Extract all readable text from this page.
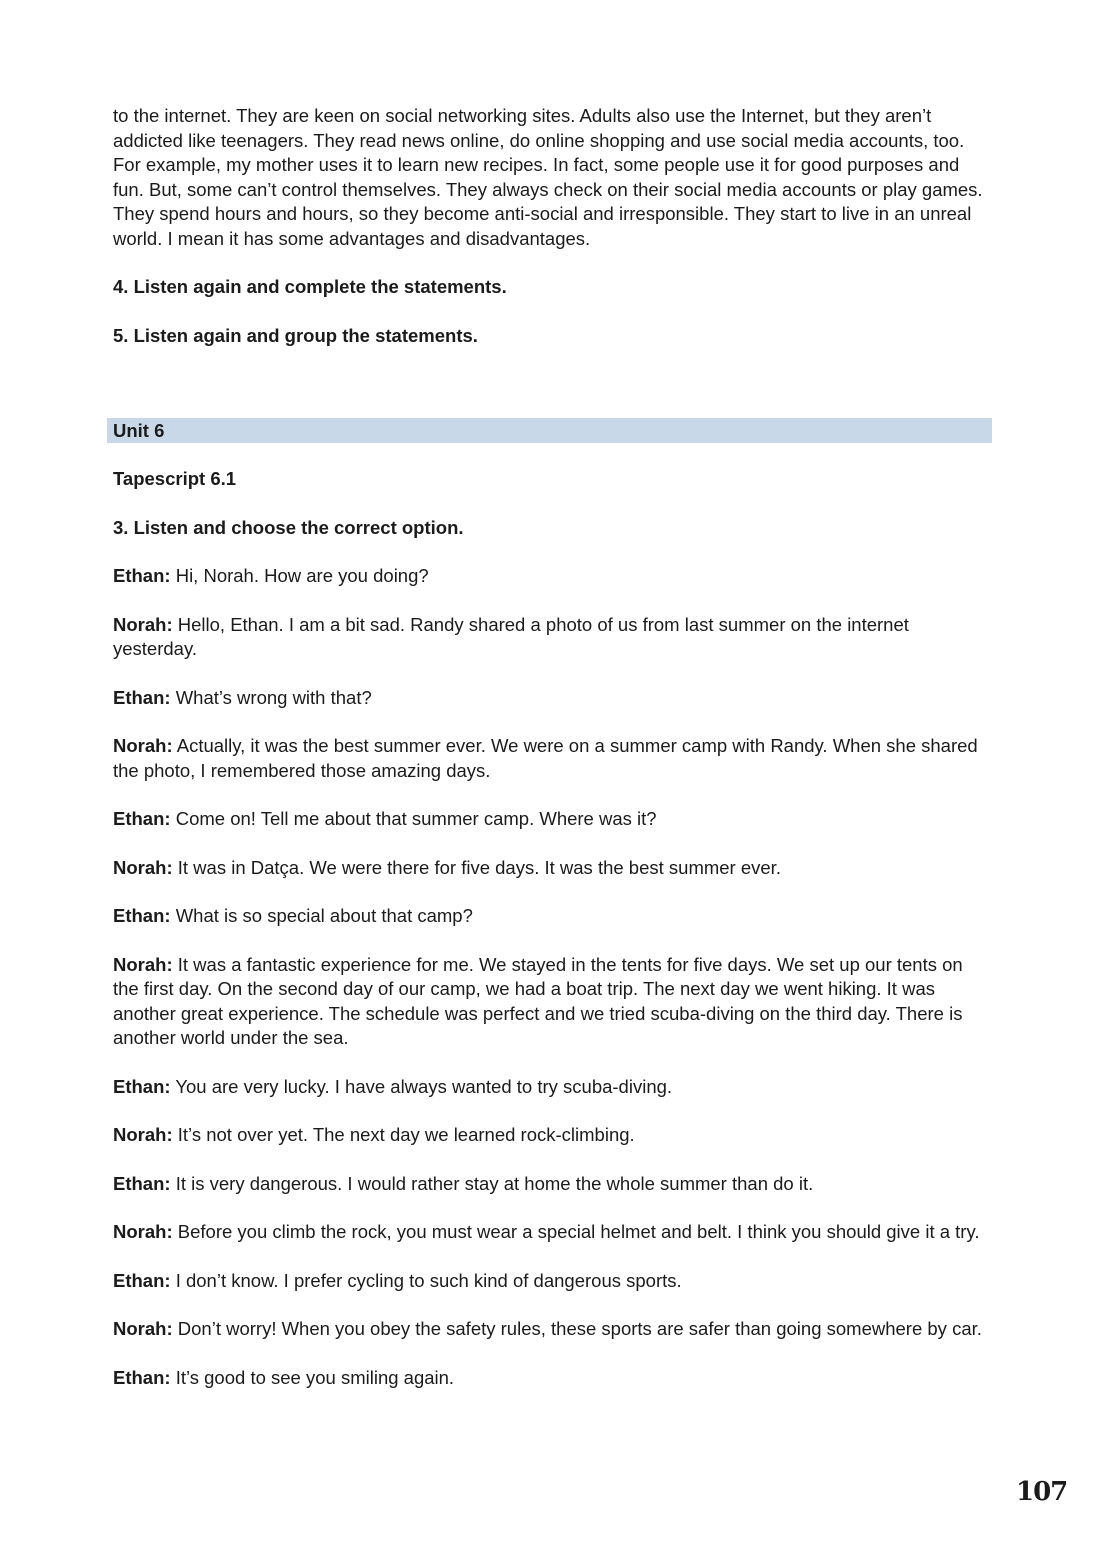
to the internet. They are keen on social networking sites. Adults also use the Internet, but they aren’t addicted like teenagers. They read news online, do online shopping and use social media accounts, too. For example, my mother uses it to learn new recipes. In fact, some people use it for good purposes and fun. But, some can’t control themselves. They always check on their social media accounts or play games. They spend hours and hours, so they become anti-social and irresponsible. They start to live in an unreal world. I mean it has some advantages and disadvantages.

4. Listen again and complete the statements.

5. Listen again and group the statements.

Unit 6

Tapescript 6.1

3. Listen and choose the correct option.

Ethan: Hi, Norah. How are you doing?

Norah: Hello, Ethan. I am a bit sad. Randy shared a photo of us from last summer on the internet yesterday.

Ethan: What’s wrong with that?

Norah: Actually, it was the best summer ever. We were on a summer camp with Randy. When she shared the photo, I remembered those amazing days.

Ethan: Come on! Tell me about that summer camp. Where was it?

Norah: It was in Datça. We were there for five days. It was the best summer ever.

Ethan: What is so special about that camp?

Norah: It was a fantastic experience for me. We stayed in the tents for five days. We set up our tents on the first day. On the second day of our camp, we had a boat trip. The next day we went hiking. It was another great experience. The schedule was perfect and we tried scuba-diving on the third day. There is another world under the sea.

Ethan: You are very lucky. I have always wanted to try scuba-diving.

Norah: It’s not over yet. The next day we learned rock-climbing.

Ethan: It is very dangerous. I would rather stay at home the whole summer than do it.

Norah: Before you climb the rock, you must wear a special helmet and belt. I think you should give it a try.

Ethan: I don’t know. I prefer cycling to such kind of dangerous sports.

Norah: Don’t worry! When you obey the safety rules, these sports are safer than going somewhere by car.

Ethan: It’s good to see you smiling again.

107
